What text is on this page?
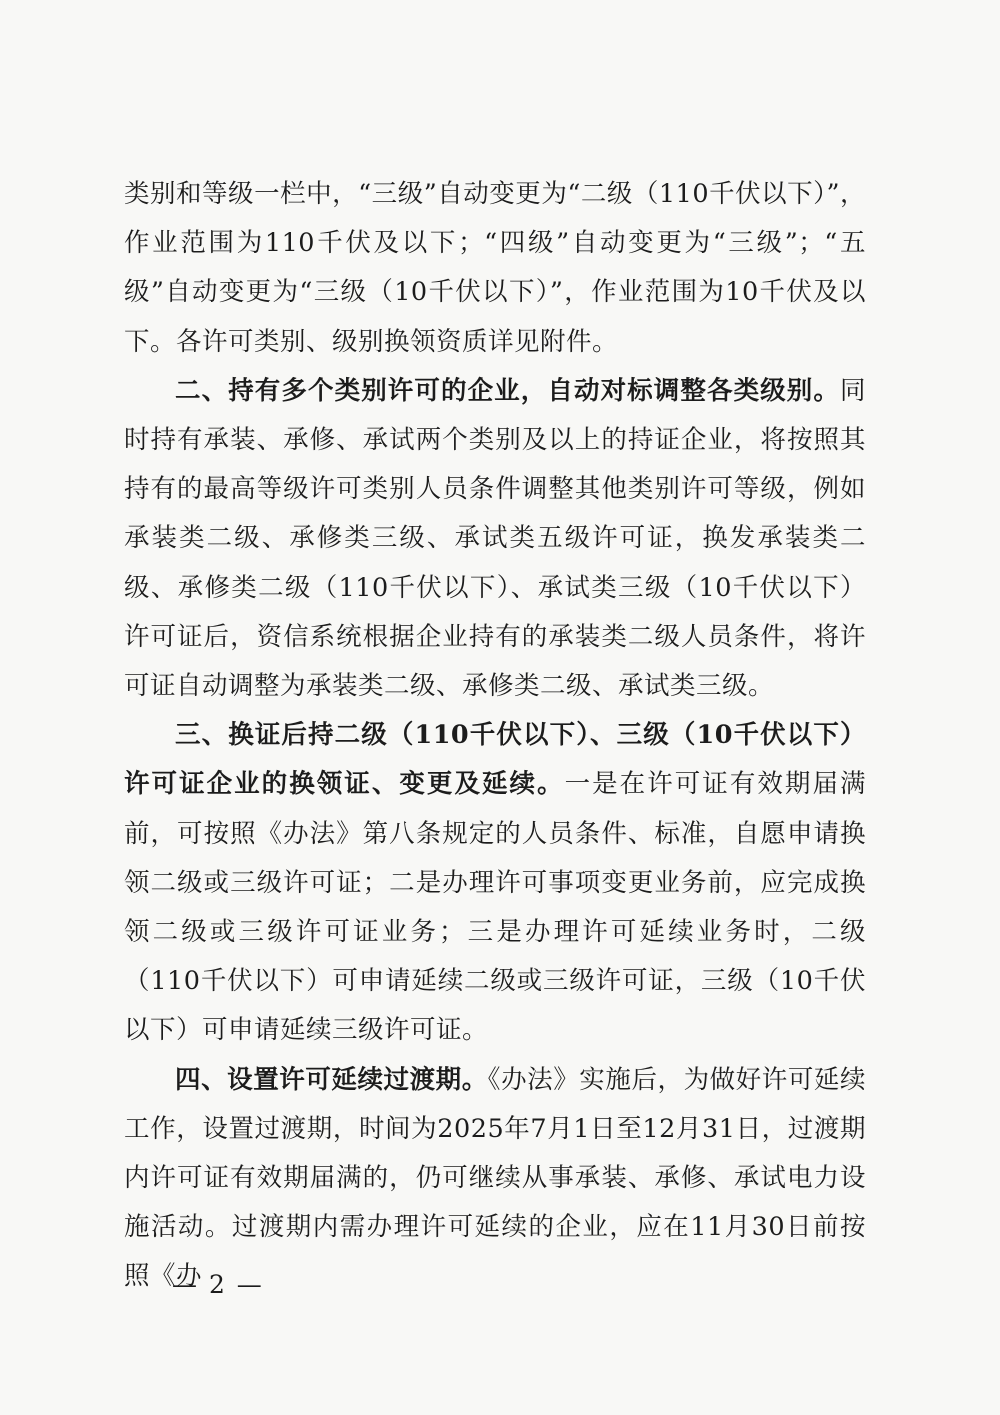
类别和等级一栏中，“三级”自动变更为“二级（110千伏以下）”，作业范围为110千伏及以下；“四级”自动变更为“三级”；“五级”自动变更为“三级（10千伏以下）”，作业范围为10千伏及以下。各许可类别、级别换领资质详见附件。

二、持有多个类别许可的企业，自动对标调整各类级别。同时持有承装、承修、承试两个类别及以上的持证企业，将按照其持有的最高等级许可类别人员条件调整其他类别许可等级，例如承装类二级、承修类三级、承试类五级许可证，换发承装类二级、承修类二级（110千伏以下）、承试类三级（10千伏以下）许可证后，资信系统根据企业持有的承装类二级人员条件，将许可证自动调整为承装类二级、承修类二级、承试类三级。

三、换证后持二级（110千伏以下）、三级（10千伏以下）许可证企业的换领证、变更及延续。一是在许可证有效期届满前，可按照《办法》第八条规定的人员条件、标准，自愿申请换领二级或三级许可证；二是办理许可事项变更业务前，应完成换领二级或三级许可证业务；三是办理许可延续业务时，二级（110千伏以下）可申请延续二级或三级许可证，三级（10千伏以下）可申请延续三级许可证。

四、设置许可延续过渡期。《办法》实施后，为做好许可延续工作，设置过渡期，时间为2025年7月1日至12月31日，过渡期内许可证有效期届满的，仍可继续从事承装、承修、承试电力设施活动。过渡期内需办理许可延续的企业，应在11月30日前按照《办

— 2 —
